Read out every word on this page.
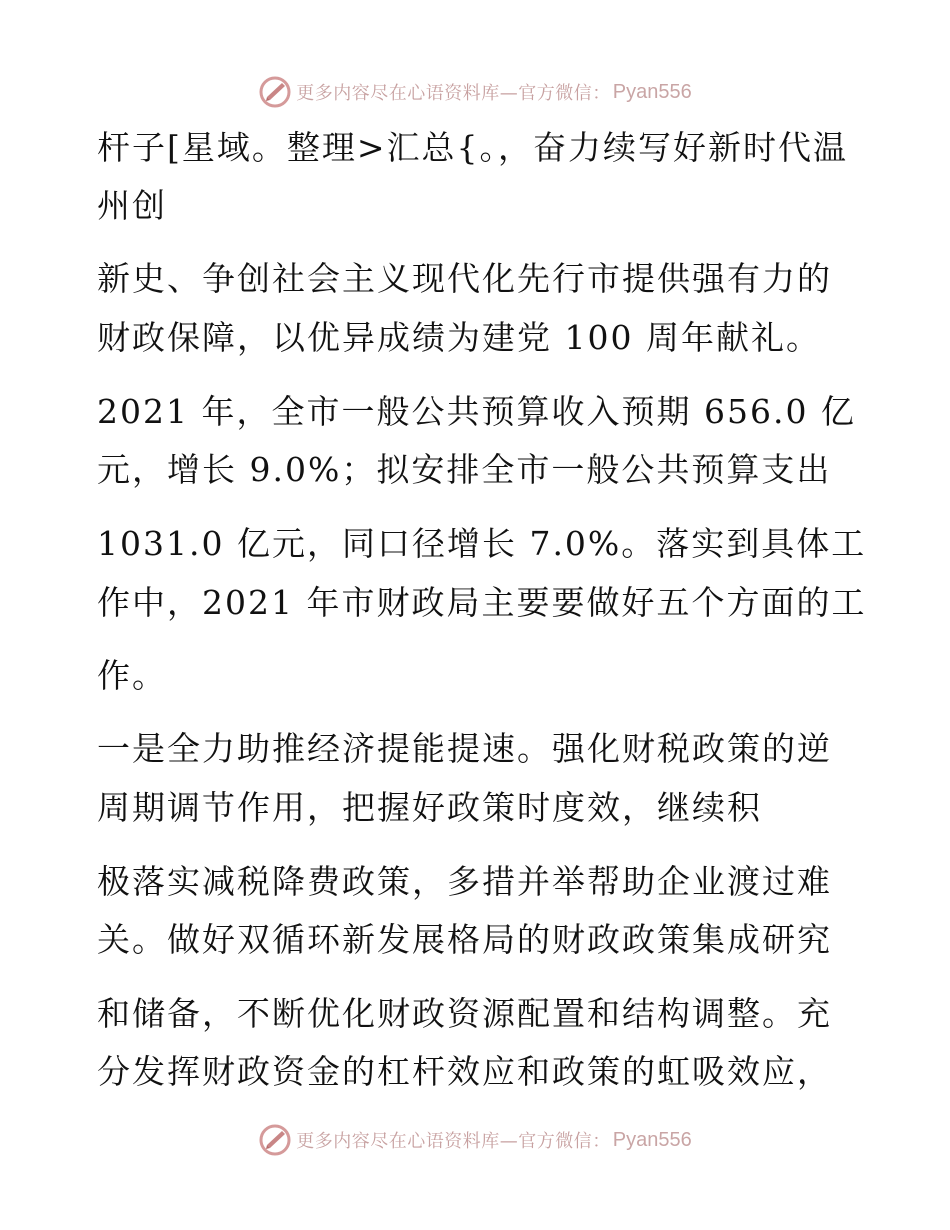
更多内容尽在心语资料库—官方微信： Pyan556
杆子[星域。整理>汇总{。，奋力续写好新时代温
州创
新史、争创社会主义现代化先行市提供强有力的
财政保障，以优异成绩为建党 100 周年献礼。
2021 年，全市一般公共预算收入预期 656.0 亿
元，增长 9.0%；拟安排全市一般公共预算支出
1031.0 亿元，同口径增长 7.0%。落实到具体工
作中，2021 年市财政局主要要做好五个方面的工
作。
一是全力助推经济提能提速。强化财税政策的逆
周期调节作用，把握好政策时度效，继续积
极落实减税降费政策，多措并举帮助企业渡过难
关。做好双循环新发展格局的财政政策集成研究
和储备，不断优化财政资源配置和结构调整。充
分发挥财政资金的杠杆效应和政策的虹吸效应，
更多内容尽在心语资料库—官方微信： Pyan556
